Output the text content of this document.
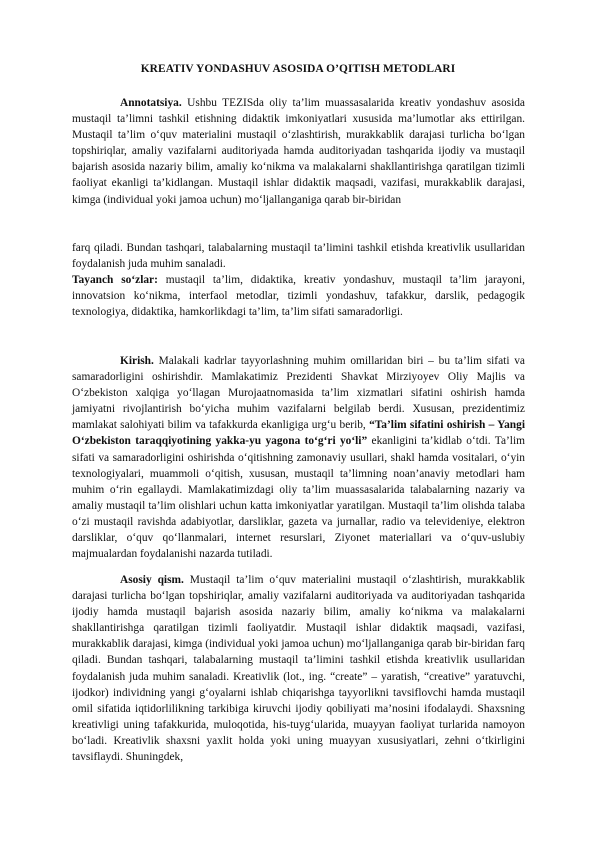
KREATIV YONDASHUV ASOSIDA O’QITISH METODLARI

Annotatsiya. Ushbu TEZISda oliy ta’lim muassasalarida kreativ yondashuv asosida mustaqil ta’limni tashkil etishning didaktik imkoniyatlari xususida ma’lumotlar aks ettirilgan. Mustaqil ta’lim o‘quv materialini mustaqil o‘zlashtirish, murakkablik darajasi turlicha bo‘lgan topshiriqlar, amaliy vazifalarni auditoriyada hamda auditoriyadan tashqarida ijodiy va mustaqil bajarish asosida nazariy bilim, amaliy ko‘nikma va malakalarni shakllantirishga qaratilgan tizimli faoliyat ekanligi ta’kidlangan. Mustaqil ishlar didaktik maqsadi, vazifasi, murakkablik darajasi, kimga (individual yoki jamoa uchun) mo‘ljallanganiga qarab bir-biridan

farq qiladi. Bundan tashqari, talabalarning mustaqil ta’limini tashkil etishda kreativlik usullaridan foydalanish juda muhim sanaladi.

Tayanch so‘zlar: mustaqil ta’lim, didaktika, kreativ yondashuv, mustaqil ta’lim jarayoni, innovatsion ko‘nikma, interfaol metodlar, tizimli yondashuv, tafakkur, darslik, pedagogik texnologiya, didaktika, hamkorlikdagi ta’lim, ta’lim sifati samaradorligi.

Kirish. Malakali kadrlar tayyorlashning muhim omillaridan biri – bu ta’lim sifati va samaradorligini oshirishdir. Mamlakatimiz Prezidenti Shavkat Mirziyoyev Oliy Majlis va O‘zbekiston xalqiga yo‘llagan Murojaatnomasida ta’lim xizmatlari sifatini oshirish hamda jamiyatni rivojlantirish bo‘yicha muhim vazifalarni belgilab berdi. Xususan, prezidentimiz mamlakat salohiyati bilim va tafakkurda ekanligiga urg‘u berib, “Ta’lim sifatini oshirish – Yangi O‘zbekiston taraqqiyotining yakka-yu yagona to‘g‘ri yo‘li” ekanligini ta’kidlab o‘tdi. Ta’lim sifati va samaradorligini oshirishda o‘qitishning zamonaviy usullari, shakl hamda vositalari, o‘yin texnologiyalari, muammoli o‘qitish, xususan, mustaqil ta’limning noan’anaviy metodlari ham muhim o‘rin egallaydi. Mamlakatimizdagi oliy ta’lim muassasalarida talabalarning nazariy va amaliy mustaqil ta’lim olishlari uchun katta imkoniyatlar yaratilgan. Mustaqil ta’lim olishda talaba o‘zi mustaqil ravishda adabiyotlar, darsliklar, gazeta va jurnallar, radio va televideniye, elektron darsliklar, o‘quv qo‘llanmalari, internet resurslari, Ziyonet materiallari va o‘quv-uslubiy majmualardan foydalanishi nazarda tutiladi.

Asosiy qism. Mustaqil ta’lim o‘quv materialini mustaqil o‘zlashtirish, murakkablik darajasi turlicha bo‘lgan topshiriqlar, amaliy vazifalarni auditoriyada va auditoriyadan tashqarida ijodiy hamda mustaqil bajarish asosida nazariy bilim, amaliy ko‘nikma va malakalarni shakllantirishga qaratilgan tizimli faoliyatdir. Mustaqil ishlar didaktik maqsadi, vazifasi, murakkablik darajasi, kimga (individual yoki jamoa uchun) mo‘ljallanganiga qarab bir-biridan farq qiladi. Bundan tashqari, talabalarning mustaqil ta’limini tashkil etishda kreativlik usullaridan foydalanish juda muhim sanaladi. Kreativlik (lot., ing. “create” – yaratish, “creative” yaratuvchi, ijodkor) individning yangi g‘oyalarni ishlab chiqarishga tayyorlikni tavsiflovchi hamda mustaqil omil sifatida iqtidorlilikning tarkibiga kiruvchi ijodiy qobiliyati ma’nosini ifodalaydi. Shaxsning kreativligi uning tafakkurida, muloqotida, his-tuyg‘ularida, muayyan faoliyat turlarida namoyon bo‘ladi. Kreativlik shaxsni yaxlit holda yoki uning muayyan xususiyatlari, zehni o‘tkirligini tavsiflaydi. Shuningdek,
